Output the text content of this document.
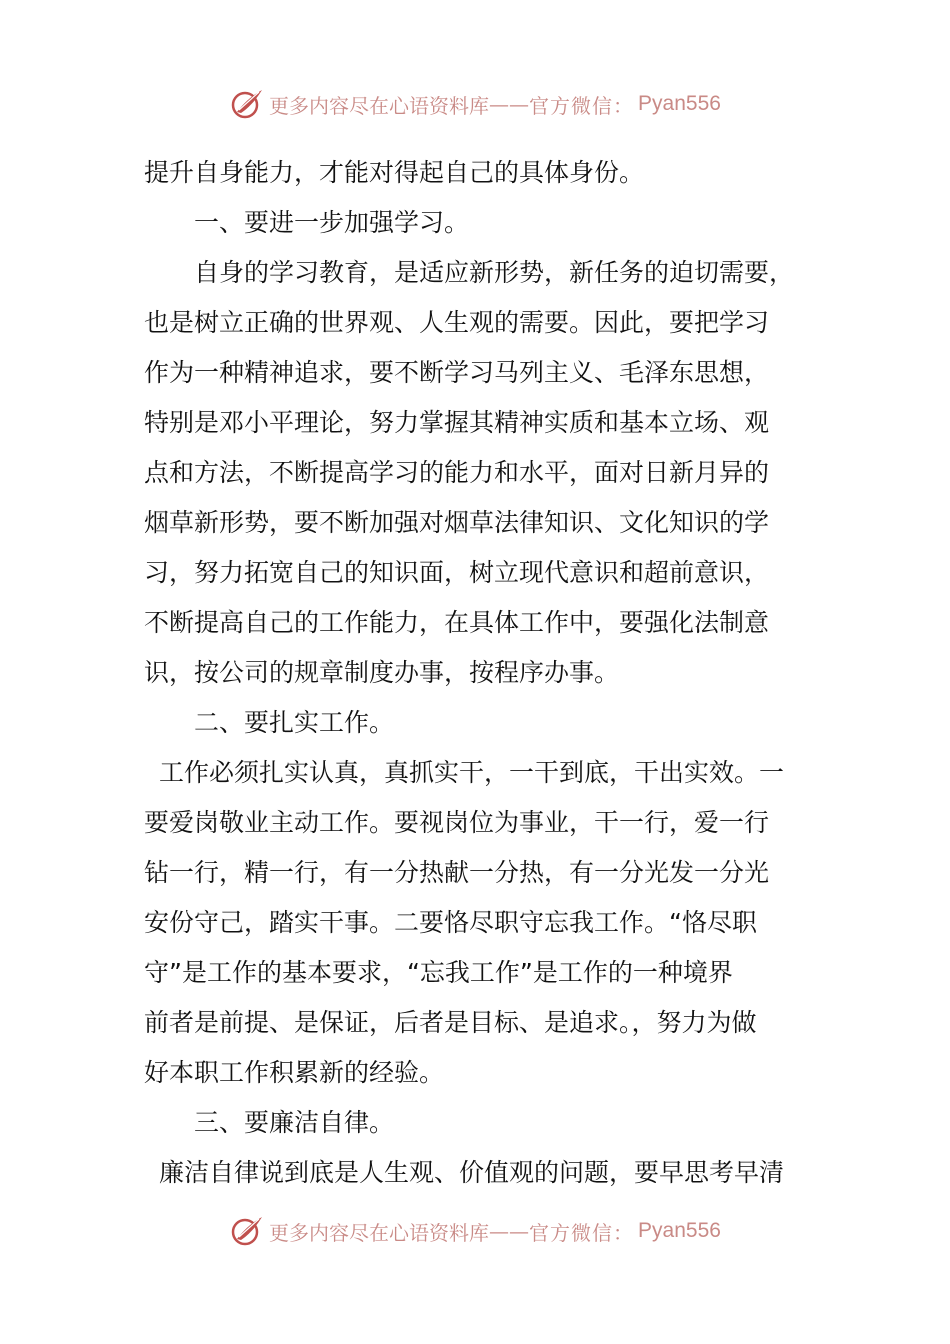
更多内容尽在心语资料库 —— 官方微信： Pyan556
提升自身能力，才能对得起自己的具体身份。
一、要进一步加强学习。
自身的学习教育，是适应新形势，新任务的迫切需要，
也是树立正确的世界观、人生观的需要。因此，要把学习
作为一种精神追求，要不断学习马列主义、毛泽东思想，
特别是邓小平理论，努力掌握其精神实质和基本立场、观
点和方法，不断提高学习的能力和水平，面对日新月异的
烟草新形势，要不断加强对烟草法律知识、文化知识的学
习，努力拓宽自己的知识面，树立现代意识和超前意识，
不断提高自己的工作能力，在具体工作中，要强化法制意
识，按公司的规章制度办事，按程序办事。
二、要扎实工作。
工作必须扎实认真，真抓实干，一干到底，干出实效。一
要爱岗敬业主动工作。要视岗位为事业，干一行，爱一行
钻一行，精一行，有一分热献一分热，有一分光发一分光
安份守己，踏实干事。二要恪尽职守忘我工作。“恪尽职
守”是工作的基本要求，“忘我工作”是工作的一种境界
前者是前提、是保证，后者是目标、是追求。，努力为做
好本职工作积累新的经验。
三、要廉洁自律。
廉洁自律说到底是人生观、价值观的问题，要早思考早清
更多内容尽在心语资料库 —— 官方微信： Pyan556
